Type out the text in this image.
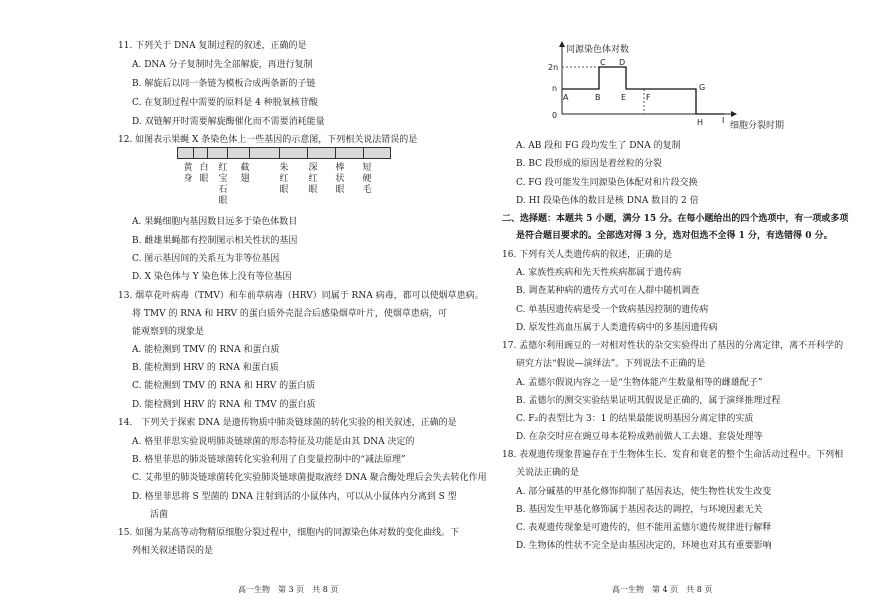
11. 下列关于 DNA 复制过程的叙述，正确的是
A. DNA 分子复制时先全部解旋，再进行复制
B. 解旋后以同一条链为模板合成两条新的子链
C. 在复制过程中需要的原料是 4 种脱氧核苷酸
D. 双链解开时需要解旋酶催化而不需要消耗能量
12. 如图表示果蝇 X 条染色体上一些基因的示意图，下列相关说法错误的是
A. 果蝇细胞内基因数目远多于染色体数目
B. 雌雄果蝇都有控制图示相关性状的基因
C. 图示基因间的关系互为非等位基因
D. X 染色体与 Y 染色体上没有等位基因
13. 烟草花叶病毒（TMV）和车前草病毒（HRV）同属于 RNA 病毒，都可以使烟草患病。
将 TMV 的 RNA 和 HRV 的蛋白质外壳混合后感染烟草叶片，使烟草患病，可
能观察到的现象是
A. 能检测到 TMV 的 RNA 和蛋白质
B. 能检测到 HRV 的 RNA 和蛋白质
C. 能检测到 TMV 的 RNA 和 HRV 的蛋白质
D. 能检测到 HRV 的 RNA 和 TMV 的蛋白质
14.　下列关于探索 DNA 是遗传物质中肺炎链球菌的转化实验的相关叙述，正确的是
A. 格里菲思实验说明肺炎链球菌的形态特征及功能是由其 DNA 决定的
B. 格里菲思的肺炎链球菌转化实验利用了自变量控制中的“减法原理”
C. 艾弗里的肺炎链球菌转化实验肺炎链球菌提取液经 DNA 聚合酶处理后会失去转化作用
D. 格里菲思将 S 型菌的 DNA 注射到活的小鼠体内，可以从小鼠体内分离到 S 型
活菌
15. 如图为某高等动物精原细胞分裂过程中，细胞内的同源染色体对数的变化曲线。下
列相关叙述错误的是
黄身
白眼
红宝石眼
截翅
朱红眼
深红眼
棒状眼
短硬毛
高一生物　第 3 页　共 8 页
同源染色体对数
细胞分裂时期
2n
n
0
A	B
C D
E F
G
H I
A. AB 段和 FG 段均发生了 DNA 的复制
B. BC 段形成的原因是着丝粒的分裂
C. FG 段可能发生同源染色体配对和片段交换
D. HI 段染色体的数目是核 DNA 数目的 2 倍
二、选择题：本题共 5 小题，满分 15 分。在每小题给出的四个选项中，有一项或多项
是符合题目要求的。全部选对得 3 分，选对但选不全得 1 分，有选错得 0 分。
16. 下列有关人类遗传病的叙述，正确的是
A. 家族性疾病和先天性疾病都属于遗传病
B. 调查某种病的遗传方式可在人群中随机调查
C. 单基因遗传病是受一个致病基因控制的遗传病
D. 原发性高血压属于人类遗传病中的多基因遗传病
17. 孟德尔利用豌豆的一对相对性状的杂交实验得出了基因的分离定律，离不开科学的
研究方法“假说—演绎法”。下列说法不正确的是
A. 孟德尔假说内容之一是“生物体能产生数量相等的雌雄配子”
B. 孟德尔的测交实验结果证明其假说是正确的，属于演绎推理过程
C. F₂的表型比为 3：1 的结果最能说明基因分离定律的实质
D. 在杂交时应在豌豆母本花粉成熟前做人工去雄、套袋处理等
18. 表观遗传现象普遍存在于生物体生长、发育和衰老的整个生命活动过程中。下列相
关说法正确的是
A. 部分碱基的甲基化修饰抑制了基因表达，使生物性状发生改变
B. 基因发生甲基化修饰属于基因表达的调控，与环境因素无关
C. 表观遗传现象是可遗传的，但不能用孟德尔遗传规律进行解释
D. 生物体的性状不完全是由基因决定的，环境也对其有重要影响
高一生物　第 4 页　共 8 页
